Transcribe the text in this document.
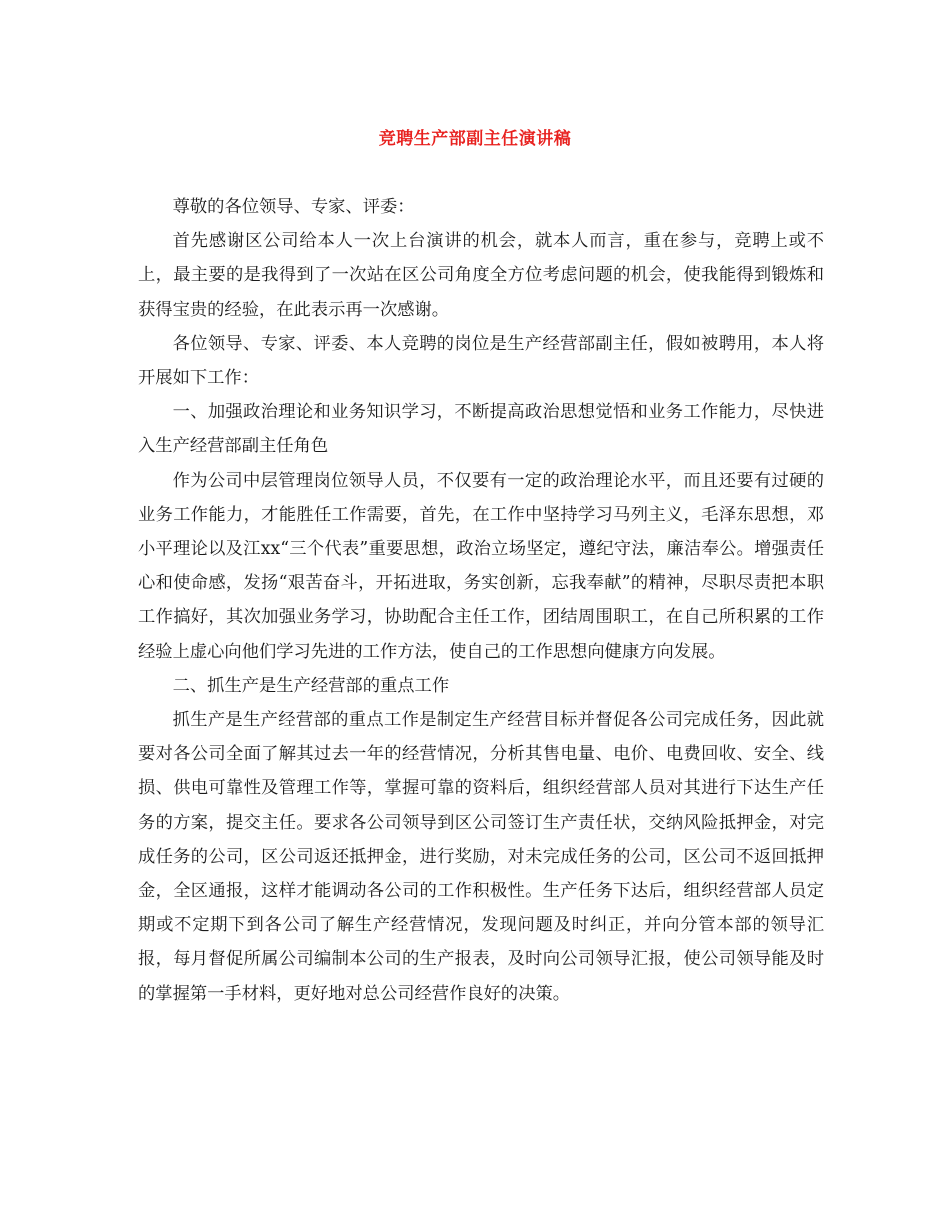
竞聘生产部副主任演讲稿

尊敬的各位领导、专家、评委：

首先感谢区公司给本人一次上台演讲的机会，就本人而言，重在参与，竞聘上或不上，最主要的是我得到了一次站在区公司角度全方位考虑问题的机会，使我能得到锻炼和获得宝贵的经验，在此表示再一次感谢。

各位领导、专家、评委、本人竞聘的岗位是生产经营部副主任，假如被聘用，本人将开展如下工作：

一、加强政治理论和业务知识学习，不断提高政治思想觉悟和业务工作能力，尽快进入生产经营部副主任角色

作为公司中层管理岗位领导人员，不仅要有一定的政治理论水平，而且还要有过硬的业务工作能力，才能胜任工作需要，首先，在工作中坚持学习马列主义，毛泽东思想，邓小平理论以及江xx“三个代表”重要思想，政治立场坚定，遵纪守法，廉洁奉公。增强责任心和使命感，发扬“艰苦奋斗，开拓进取，务实创新，忘我奉献”的精神，尽职尽责把本职工作搞好，其次加强业务学习，协助配合主任工作，团结周围职工，在自己所积累的工作经验上虚心向他们学习先进的工作方法，使自己的工作思想向健康方向发展。

二、抓生产是生产经营部的重点工作

抓生产是生产经营部的重点工作是制定生产经营目标并督促各公司完成任务，因此就要对各公司全面了解其过去一年的经营情况，分析其售电量、电价、电费回收、安全、线损、供电可靠性及管理工作等，掌握可靠的资料后，组织经营部人员对其进行下达生产任务的方案，提交主任。要求各公司领导到区公司签订生产责任状，交纳风险抵押金，对完成任务的公司，区公司返还抵押金，进行奖励，对未完成任务的公司，区公司不返回抵押金，全区通报，这样才能调动各公司的工作积极性。生产任务下达后，组织经营部人员定期或不定期下到各公司了解生产经营情况，发现问题及时纠正，并向分管本部的领导汇报，每月督促所属公司编制本公司的生产报表，及时向公司领导汇报，使公司领导能及时的掌握第一手材料，更好地对总公司经营作良好的决策。
